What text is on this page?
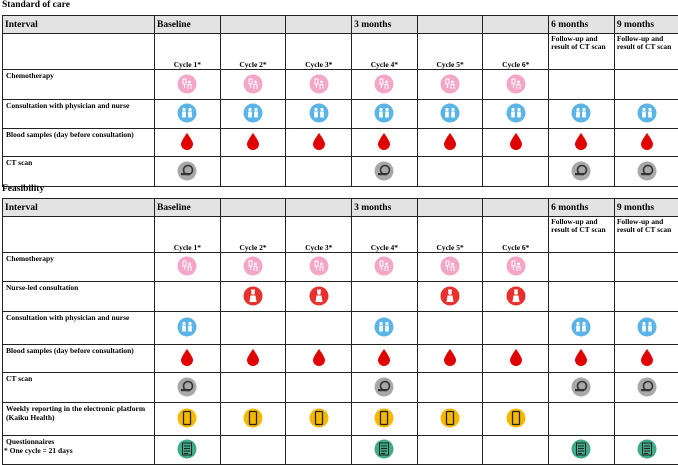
Standard of care
Interval	Baseline			3 months			6 months	9 months
	Cycle 1*	Cycle 2*	Cycle 3*	Cycle 4*	Cycle 5*	Cycle 6*	Follow-up and result of CT scan	Follow-up and result of CT scan
Chemotherapy								
Consultation with physician and nurse								
Blood samples (day before consultation)								
CT scan								
Feasibility
Interval	Baseline			3 months			6 months	9 months
	Cycle 1*	Cycle 2*	Cycle 3*	Cycle 4*	Cycle 5*	Cycle 6*	Follow-up and result of CT scan	Follow-up and result of CT scan
Chemotherapy								
Nurse-led consultation								
Consultation with physician and nurse								
Blood samples (day before consultation)								
CT scan								
Weekly reporting in the electronic platform (Kaiku Health)								
Questionnaires								
* One cycle = 21 days
